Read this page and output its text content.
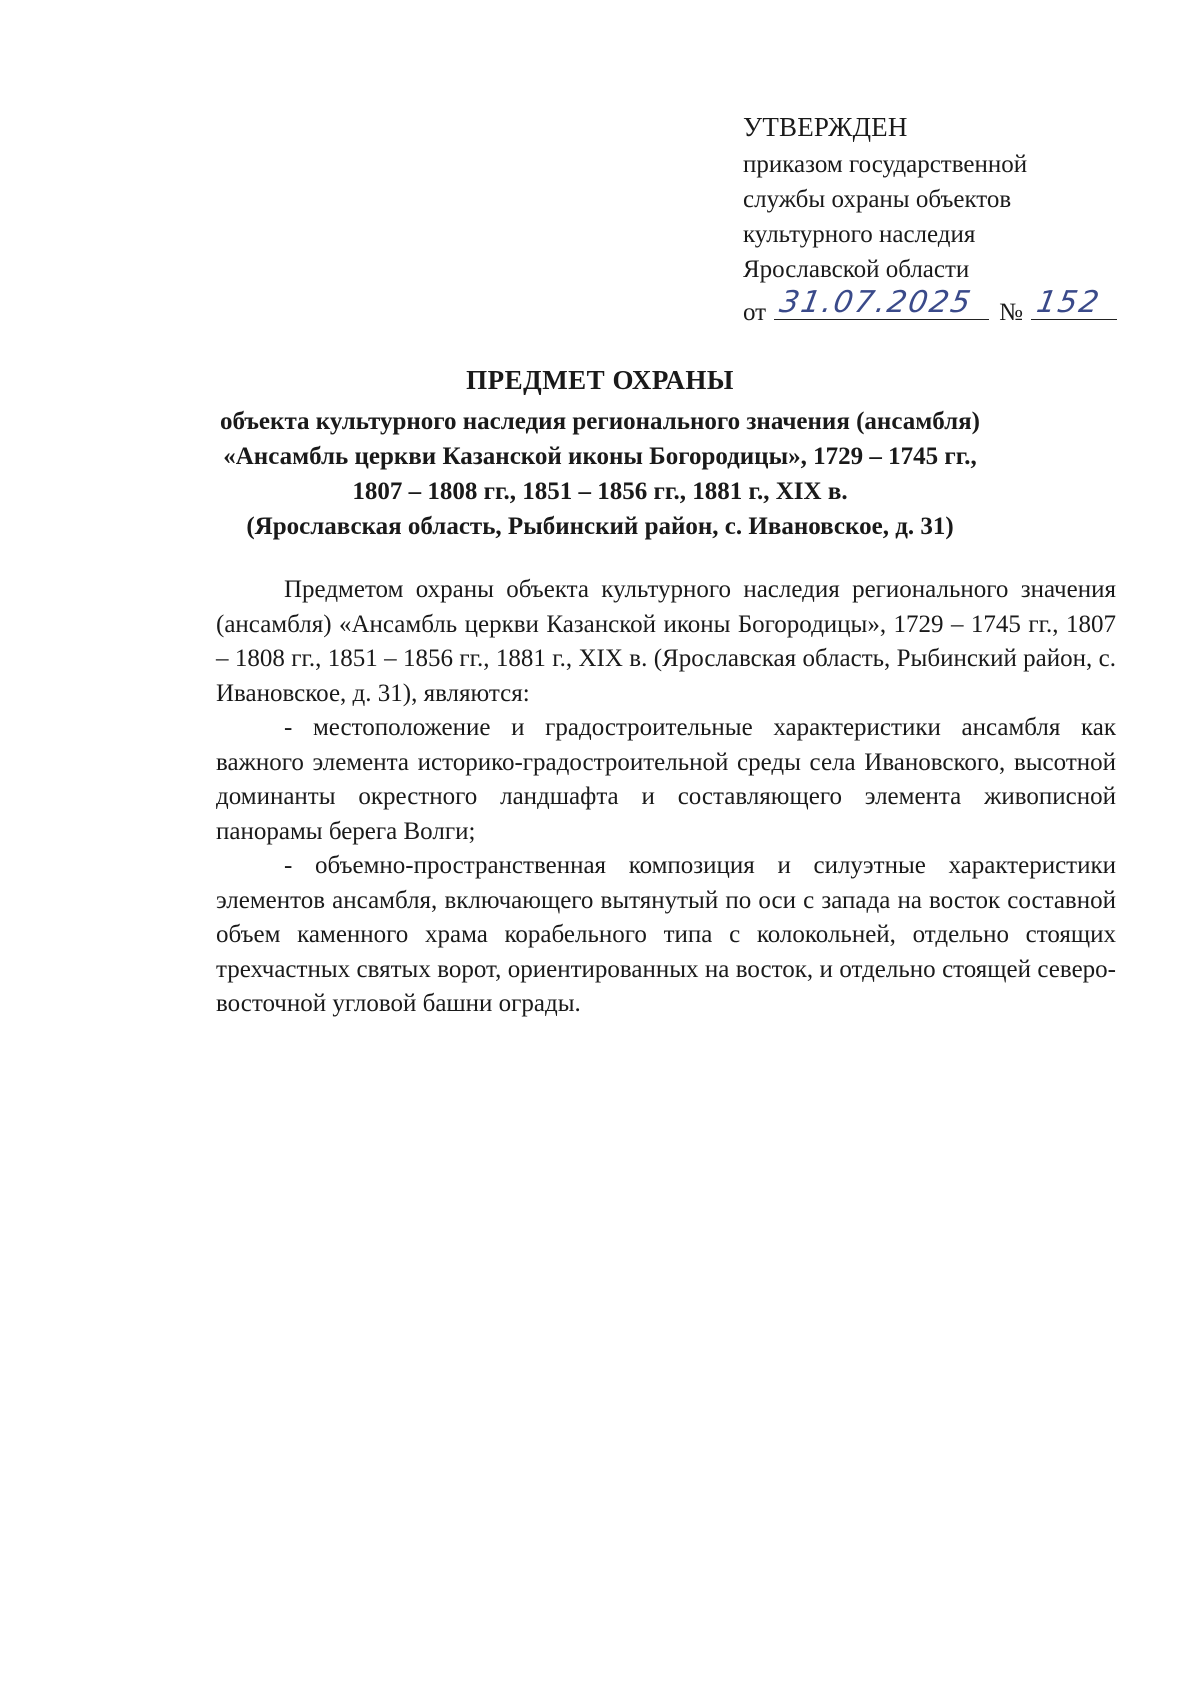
УТВЕРЖДЕН
приказом государственной
службы охраны объектов
культурного наследия
Ярославской области
от 31.07.2025 № 152
ПРЕДМЕТ ОХРАНЫ
объекта культурного наследия регионального значения (ансамбля)
«Ансамбль церкви Казанской иконы Богородицы», 1729 – 1745 гг.,
1807 – 1808 гг., 1851 – 1856 гг., 1881 г., XIX в.
(Ярославская область, Рыбинский район, с. Ивановское, д. 31)

Предметом охраны объекта культурного наследия регионального значения (ансамбля) «Ансамбль церкви Казанской иконы Богородицы», 1729 – 1745 гг., 1807 – 1808 гг., 1851 – 1856 гг., 1881 г., XIX в. (Ярославская область, Рыбинский район, с. Ивановское, д. 31), являются:

- местоположение и градостроительные характеристики ансамбля как важного элемента историко-градостроительной среды села Ивановского, высотной доминанты окрестного ландшафта и составляющего элемента живописной панорамы берега Волги;

- объемно-пространственная композиция и силуэтные характеристики элементов ансамбля, включающего вытянутый по оси с запада на восток составной объем каменного храма корабельного типа с колокольней, отдельно стоящих трехчастных святых ворот, ориентированных на восток, и отдельно стоящей северо-восточной угловой башни ограды.
